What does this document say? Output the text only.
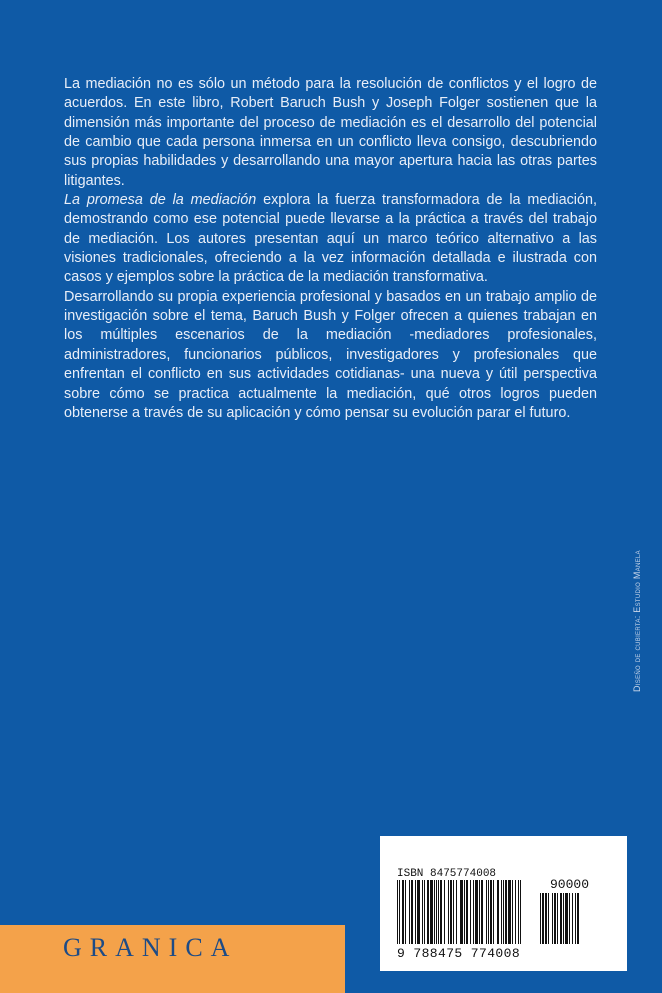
La mediación no es sólo un método para la resolución de conflictos y el logro de acuerdos. En este libro, Robert Baruch Bush y Joseph Folger sostienen que la dimensión más importante del proceso de mediación es el desarrollo del potencial de cambio que cada persona inmersa en un conflicto lleva consigo, descubriendo sus propias habilidades y desarrollando una mayor apertura hacia las otras partes litigantes.

La promesa de la mediación explora la fuerza transformadora de la mediación, demostrando como ese potencial puede llevarse a la práctica a través del trabajo de mediación. Los autores presentan aquí un marco teórico alternativo a las visiones tradicionales, ofreciendo a la vez información detallada e ilustrada con casos y ejemplos sobre la práctica de la mediación transformativa.

Desarrollando su propia experiencia profesional y basados en un trabajo amplio de investigación sobre el tema, Baruch Bush y Folger ofrecen a quienes trabajan en los múltiples escenarios de la mediación -mediadores profesionales, administradores, funcionarios públicos, investigadores y profesionales que enfrentan el conflicto en sus actividades cotidianas- una nueva y útil perspectiva sobre cómo se practica actualmente la mediación, qué otros logros pueden obtenerse a través de su aplicación y cómo pensar su evolución parar el futuro.

Diseño de cubierta: Estudio Manela
GRANICA
ISBN 8475774008
90000
9 788475 774008
